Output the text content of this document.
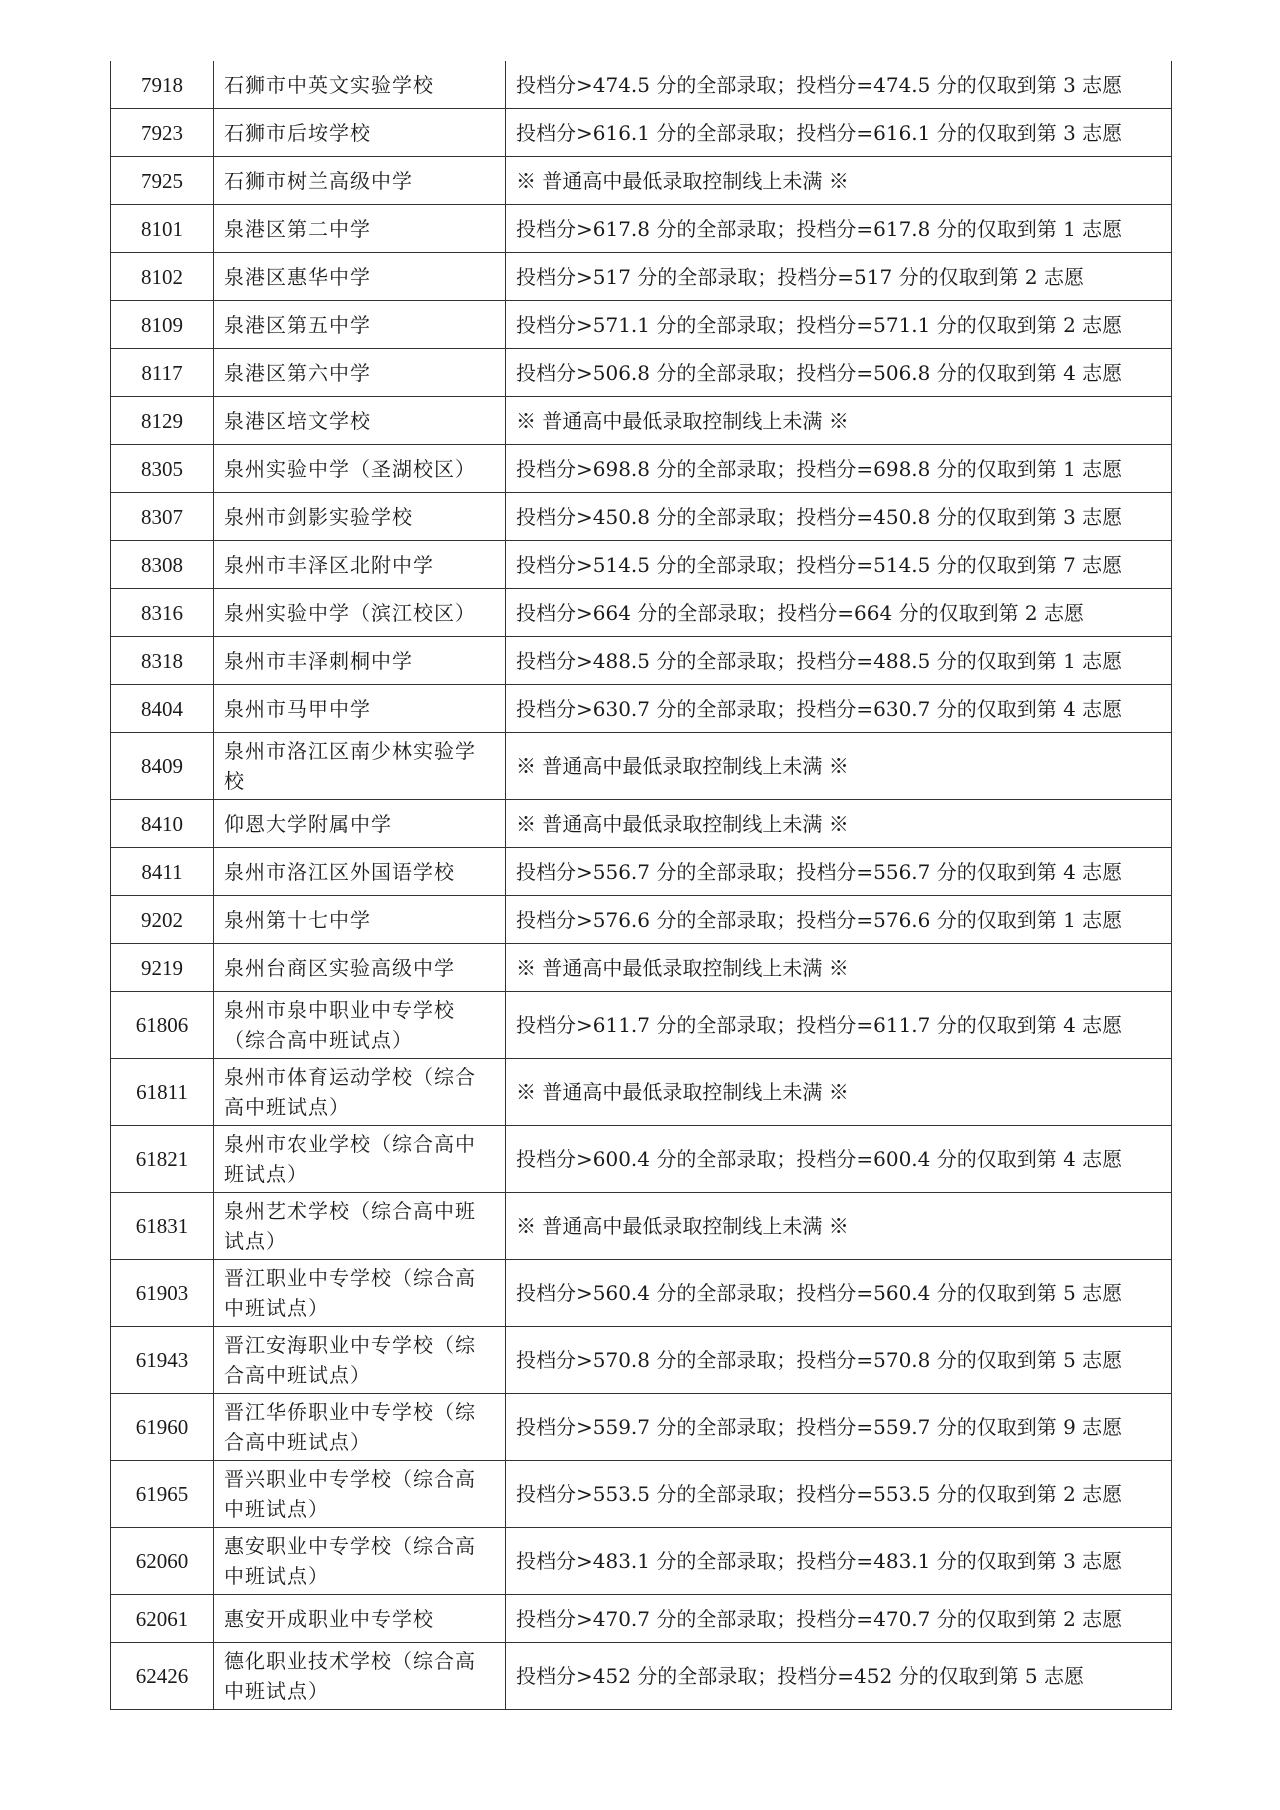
7918	石狮市中英文实验学校	投档分>474.5 分的全部录取；投档分=474.5 分的仅取到第 3 志愿
7923	石狮市后垵学校	投档分>616.1 分的全部录取；投档分=616.1 分的仅取到第 3 志愿
7925	石狮市树兰高级中学	※ 普通高中最低录取控制线上未满 ※
8101	泉港区第二中学	投档分>617.8 分的全部录取；投档分=617.8 分的仅取到第 1 志愿
8102	泉港区惠华中学	投档分>517 分的全部录取；投档分=517 分的仅取到第 2 志愿
8109	泉港区第五中学	投档分>571.1 分的全部录取；投档分=571.1 分的仅取到第 2 志愿
8117	泉港区第六中学	投档分>506.8 分的全部录取；投档分=506.8 分的仅取到第 4 志愿
8129	泉港区培文学校	※ 普通高中最低录取控制线上未满 ※
8305	泉州实验中学（圣湖校区）	投档分>698.8 分的全部录取；投档分=698.8 分的仅取到第 1 志愿
8307	泉州市剑影实验学校	投档分>450.8 分的全部录取；投档分=450.8 分的仅取到第 3 志愿
8308	泉州市丰泽区北附中学	投档分>514.5 分的全部录取；投档分=514.5 分的仅取到第 7 志愿
8316	泉州实验中学（滨江校区）	投档分>664 分的全部录取；投档分=664 分的仅取到第 2 志愿
8318	泉州市丰泽刺桐中学	投档分>488.5 分的全部录取；投档分=488.5 分的仅取到第 1 志愿
8404	泉州市马甲中学	投档分>630.7 分的全部录取；投档分=630.7 分的仅取到第 4 志愿
8409	泉州市洛江区南少林实验学校	※ 普通高中最低录取控制线上未满 ※
8410	仰恩大学附属中学	※ 普通高中最低录取控制线上未满 ※
8411	泉州市洛江区外国语学校	投档分>556.7 分的全部录取；投档分=556.7 分的仅取到第 4 志愿
9202	泉州第十七中学	投档分>576.6 分的全部录取；投档分=576.6 分的仅取到第 1 志愿
9219	泉州台商区实验高级中学	※ 普通高中最低录取控制线上未满 ※
61806	泉州市泉中职业中专学校（综合高中班试点）	投档分>611.7 分的全部录取；投档分=611.7 分的仅取到第 4 志愿
61811	泉州市体育运动学校（综合高中班试点）	※ 普通高中最低录取控制线上未满 ※
61821	泉州市农业学校（综合高中班试点）	投档分>600.4 分的全部录取；投档分=600.4 分的仅取到第 4 志愿
61831	泉州艺术学校（综合高中班试点）	※ 普通高中最低录取控制线上未满 ※
61903	晋江职业中专学校（综合高中班试点）	投档分>560.4 分的全部录取；投档分=560.4 分的仅取到第 5 志愿
61943	晋江安海职业中专学校（综合高中班试点）	投档分>570.8 分的全部录取；投档分=570.8 分的仅取到第 5 志愿
61960	晋江华侨职业中专学校（综合高中班试点）	投档分>559.7 分的全部录取；投档分=559.7 分的仅取到第 9 志愿
61965	晋兴职业中专学校（综合高中班试点）	投档分>553.5 分的全部录取；投档分=553.5 分的仅取到第 2 志愿
62060	惠安职业中专学校（综合高中班试点）	投档分>483.1 分的全部录取；投档分=483.1 分的仅取到第 3 志愿
62061	惠安开成职业中专学校	投档分>470.7 分的全部录取；投档分=470.7 分的仅取到第 2 志愿
62426	德化职业技术学校（综合高中班试点）	投档分>452 分的全部录取；投档分=452 分的仅取到第 5 志愿
